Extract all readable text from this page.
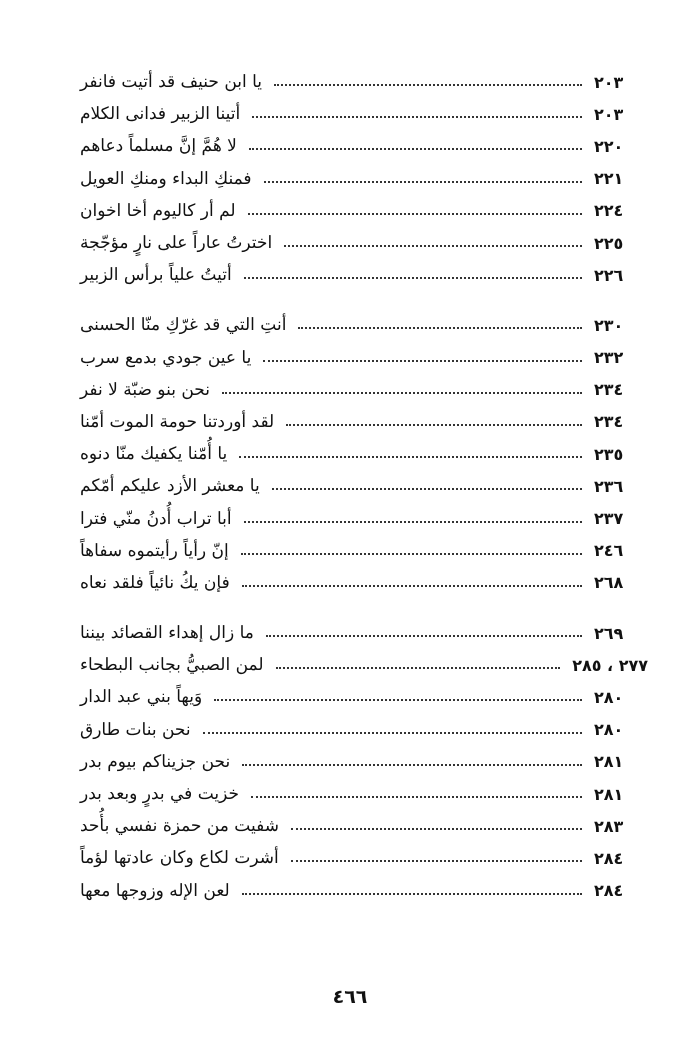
يا ابن حنيف قد أتيت فانفر	٢٠٣
أتينا الزبير فدانى الكلام	٢٠٣
لا هُمَّ إنَّ مسلماً دعاهم	٢٢٠
فمنكِ البداء ومنكِ العويل	٢٢١
لم أر كاليوم أخا اخوان	٢٢٤
اخترتُ عاراً على نارٍ مؤجّجة	٢٢٥
أتيتُ علياً برأس الزبير	٢٢٦
أنتِ التي قد غرّكِ منّا الحسنى	٢٣٠
يا عين جودي بدمع سرب	٢٣٢
نحن بنو ضبّة لا نفر	٢٣٤
لقد أوردتنا حومة الموت أمّنا	٢٣٤
يا أُمّنا يكفيك منّا دنوه	٢٣٥
يا معشر الأزد عليكم أمّكم	٢٣٦
أبا تراب أُدنُ منّي فترا	٢٣٧
إنّ رأياً رأيتموه سفاهاً	٢٤٦
فإن يكُ نائياً فلقد نعاه	٢٦٨
ما زال إهداء القصائد بيننا	٢٦٩
لمن الصبيُّ بجانب البطحاء	٢٧٧ ، ٢٨٥
وَيهاً بني عبد الدار	٢٨٠
نحن بنات طارق	٢٨٠
نحن جزيناكم بيوم بدر	٢٨١
خزيت في بدرٍ وبعد بدر	٢٨١
شفيت من حمزة نفسي بأُحد	٢٨٣
أشرت لكاع وكان عادتها لؤماً	٢٨٤
لعن الإله وزوجها معها	٢٨٤
٤٦٦
